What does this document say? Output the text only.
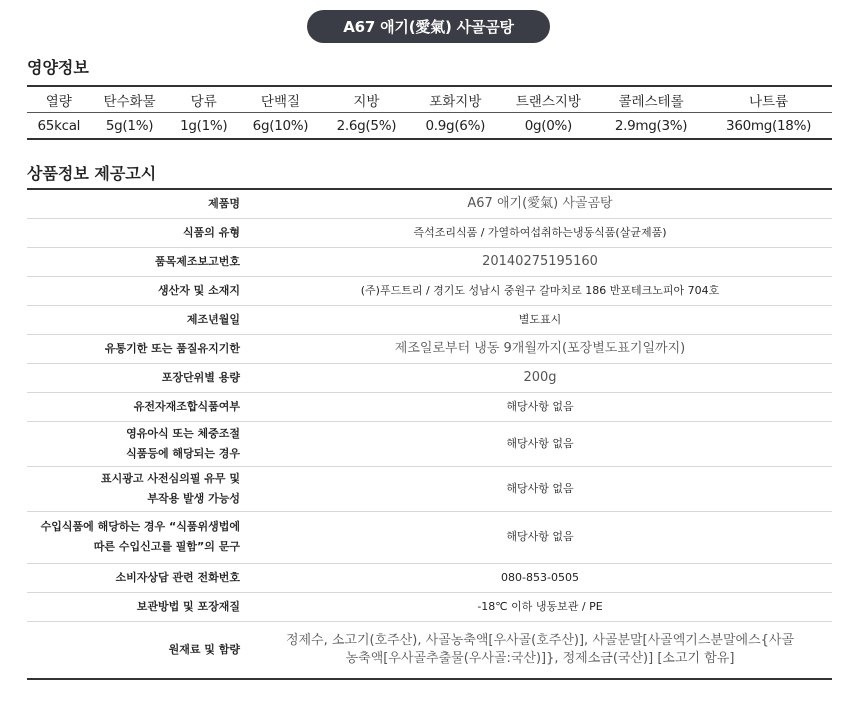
A67 애기(愛氣) 사골곰탕
영양정보
열량	탄수화물	당류	단백질	지방	포화지방	트랜스지방	콜레스테롤	나트륨
65kcal	5g(1%)	1g(1%)	6g(10%)	2.6g(5%)	0.9g(6%)	0g(0%)	2.9mg(3%)	360mg(18%)
상품정보 제공고시
제품명	A67 애기(愛氣) 사골곰탕
식품의 유형	즉석조리식품 / 가열하여섭취하는냉동식품(살균제품)
품목제조보고번호	20140275195160
생산자 및 소재지	(주)푸드트리 / 경기도 성남시 중원구 갈마치로 186 반포테크노피아 704호
제조년월일	별도표시
유통기한 또는 품질유지기한	제조일로부터 냉동 9개월까지(포장별도표기일까지)
포장단위별 용량	200g
유전자재조합식품여부	해당사항 없음

영유아식 또는 체중조절
식품등에 해당되는 경우	해당사항 없음

표시광고 사전심의필 유무 및
부작용 발생 가능성	해당사항 없음

수입식품에 해당하는 경우 “식품위생법에
따른 수입신고를 필함”의 문구	해당사항 없음
소비자상담 관련 전화번호	080-853-0505
보관방법 및 포장재질	-18℃ 이하 냉동보관 / PE
원재료 및 함량	정제수, 소고기(호주산), 사골농축액[우사골(호주산)], 사골분말[사골엑기스분말에스{사골농축액[우사골추출물(우사골:국산)]}, 정제소금(국산)] [소고기 함유]
